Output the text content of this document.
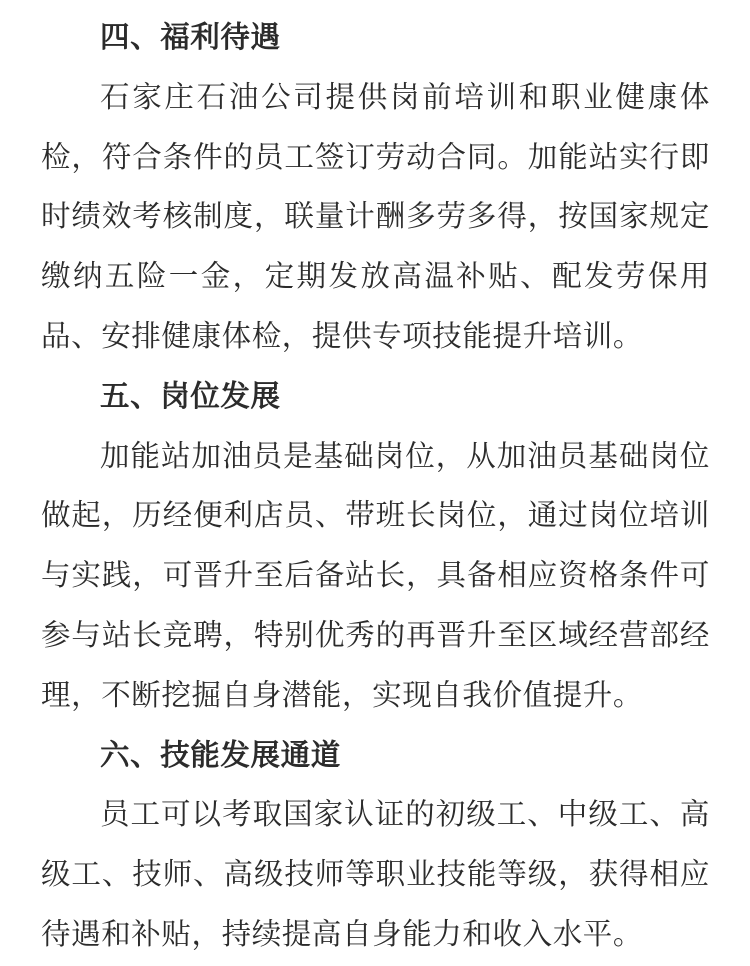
四、福利待遇

石家庄石油公司提供岗前培训和职业健康体检，符合条件的员工签订劳动合同。加能站实行即时绩效考核制度，联量计酬多劳多得，按国家规定缴纳五险一金，定期发放高温补贴、配发劳保用品、安排健康体检，提供专项技能提升培训。

五、岗位发展

加能站加油员是基础岗位，从加油员基础岗位做起，历经便利店员、带班长岗位，通过岗位培训与实践，可晋升至后备站长，具备相应资格条件可参与站长竞聘，特别优秀的再晋升至区域经营部经理，不断挖掘自身潜能，实现自我价值提升。

六、技能发展通道

员工可以考取国家认证的初级工、中级工、高级工、技师、高级技师等职业技能等级，获得相应待遇和补贴，持续提高自身能力和收入水平。
